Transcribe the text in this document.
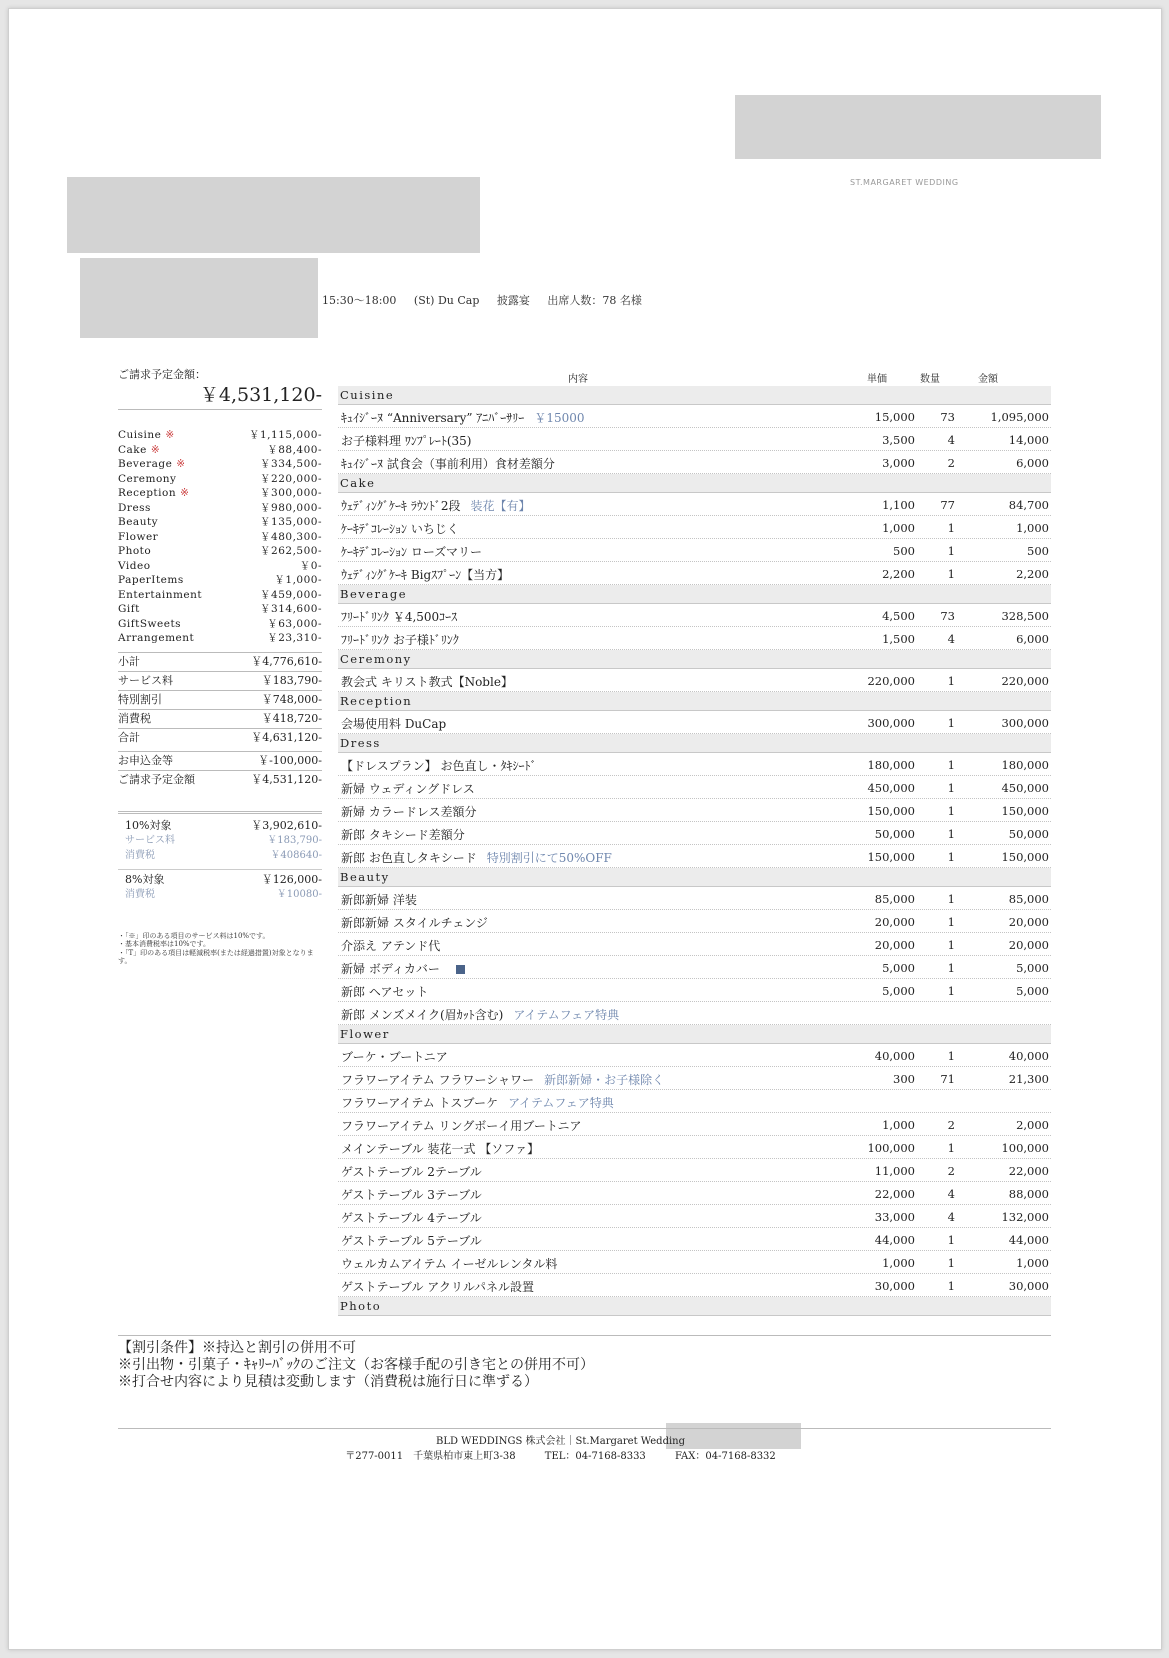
ST.MARGARET WEDDING
15:30〜18:00 (St) Du Cap 披露宴 出席人数：78 名様
ご請求予定金額：
￥4,531,120-
Cuisine ※	￥1,115,000-
Cake ※	￥88,400-
Beverage ※	￥334,500-
Ceremony	￥220,000-
Reception ※	￥300,000-
Dress	￥980,000-
Beauty	￥135,000-
Flower	￥480,300-
Photo	￥262,500-
Video	￥0-
PaperItems	￥1,000-
Entertainment	￥459,000-
Gift	￥314,600-
GiftSweets	￥63,000-
Arrangement	￥23,310-
小計	￥4,776,610-
サービス料	￥183,790-
特別割引	￥748,000-
消費税	￥418,720-
合計	￥4,631,120-
お申込金等	￥-100,000-
ご請求予定金額	￥4,531,120-
10%対象	￥3,902,610-
サービス料	￥183,790-
消費税	￥408640-
8%対象	￥126,000-
消費税	￥10080-
・「※」印のある項目のサービス料は10%です。
・基本消費税率は10%です。
・「T」印のある項目は軽減税率(または経過措置)対象となります。
内容	単価	数量	金額
Cuisine
ｷｭｲｼﾞｰﾇ “Anniversary” ｱﾆﾊﾞｰｻﾘｰ ￥15000	15,000 73	1,095,000
お子様料理 ﾜﾝﾌﾟﾚｰﾄ(35)	3,500	4	14,000
ｷｭｲｼﾞｰﾇ 試食会（事前利用）食材差額分	3,000	2	6,000
Cake
ｳｪﾃﾞｨﾝｸﾞｹｰｷ ﾗｳﾝﾄﾞ2段 装花【有】	1,100 77	84,700
ｹｰｷﾃﾞｺﾚｰｼｮﾝ いちじく	1,000	1	1,000
ｹｰｷﾃﾞｺﾚｰｼｮﾝ ローズマリー	500	1	500
ｳｪﾃﾞｨﾝｸﾞｹｰｷ Bigｽﾌﾟｰﾝ【当方】	2,200	1	2,200
Beverage
ﾌﾘｰﾄﾞﾘﾝｸ ￥4,500ｺｰｽ	4,500 73	328,500
ﾌﾘｰﾄﾞﾘﾝｸ お子様ﾄﾞﾘﾝｸ	1,500	4	6,000
Ceremony
教会式 キリスト教式【Noble】	220,000	1	220,000
Reception
会場使用料 DuCap	300,000	1	300,000
Dress
【ドレスプラン】 お色直し・ﾀｷｼｰﾄﾞ	180,000	1	180,000
新婦 ウェディングドレス	450,000	1	450,000
新婦 カラードレス差額分	150,000	1	150,000
新郎 タキシード差額分	50,000	1	50,000
新郎 お色直しタキシード 特別割引にて50%OFF	150,000	1	150,000
Beauty
新郎新婦 洋装	85,000	1	85,000
新郎新婦 スタイルチェンジ	20,000	1	20,000
介添え アテンド代	20,000	1	20,000
新婦 ボディカバー	5,000	1	5,000
新郎 ヘアセット	5,000	1	5,000
新郎 メンズメイク(眉ｶｯﾄ含む) アイテムフェア特典
Flower
ブーケ・ブートニア	40,000	1	40,000
フラワーアイテム フラワーシャワー 新郎新婦・お子様除く	300 71	21,300
フラワーアイテム トスブーケ アイテムフェア特典
フラワーアイテム リングボーイ用ブートニア	1,000	2	2,000
メインテーブル 装花一式 【ソファ】	100,000	1	100,000
ゲストテーブル 2テーブル	11,000	2	22,000
ゲストテーブル 3テーブル	22,000	4	88,000
ゲストテーブル 4テーブル	33,000	4	132,000
ゲストテーブル 5テーブル	44,000	1	44,000
ウェルカムアイテム イーゼルレンタル料	1,000	1	1,000
ゲストテーブル アクリルパネル設置	30,000	1	30,000
Photo
【割引条件】※持込と割引の併用不可
※引出物・引菓子・ｷｬﾘｰﾊﾞｯｸのご注文（お客様手配の引き宅との併用不可）
※打合せ内容により見積は変動します（消費税は施行日に準ずる）
BLD WEDDINGS 株式会社｜St.Margaret Wedding
〒277-0011　千葉県柏市東上町3-38	TEL：04-7168-8333	FAX：04-7168-8332
